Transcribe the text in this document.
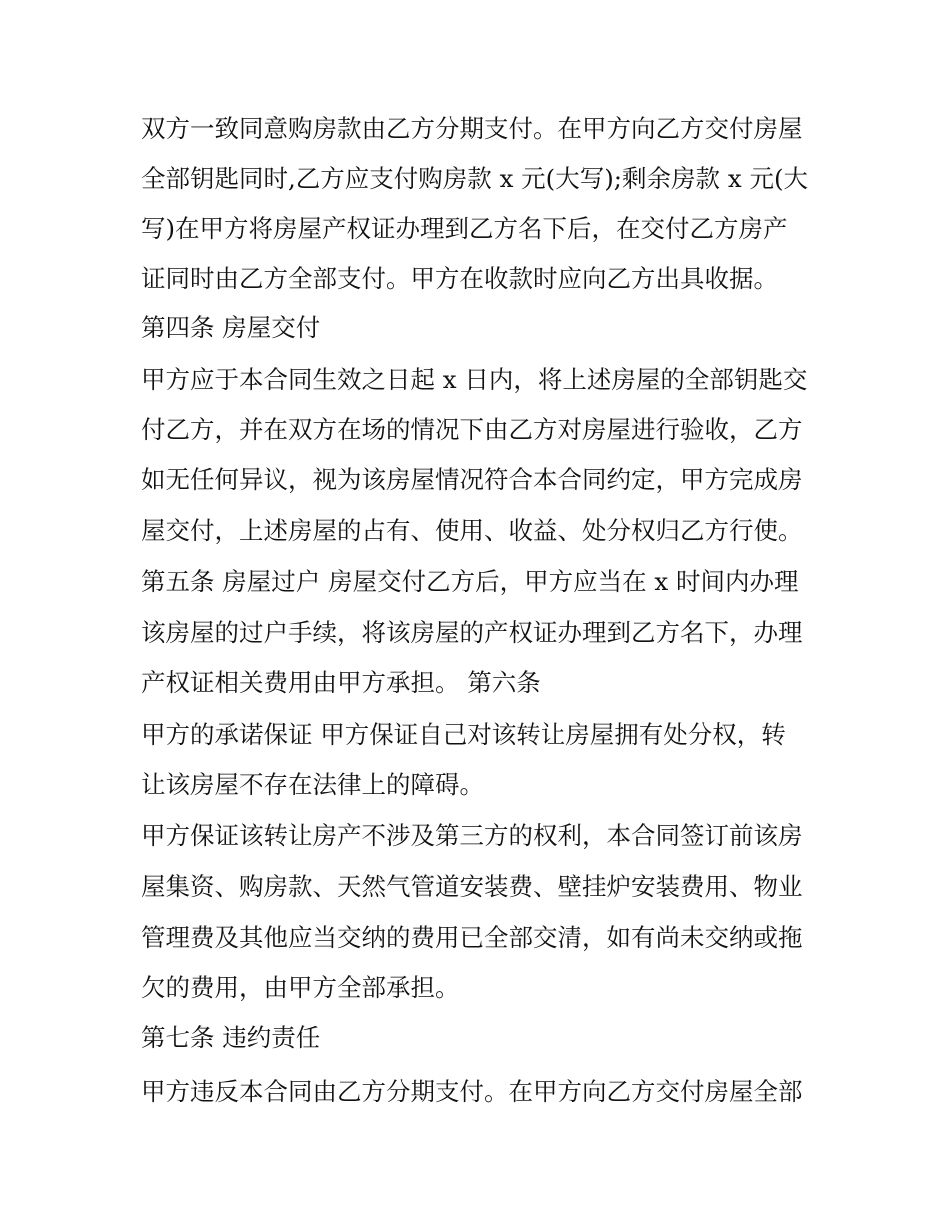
双方一致同意购房款由乙方分期支付。在甲方向乙方交付房屋
全部钥匙同时,乙方应支付购房款 x 元(大写);剩余房款 x 元(大
写)在甲方将房屋产权证办理到乙方名下后，在交付乙方房产
证同时由乙方全部支付。甲方在收款时应向乙方出具收据。
第四条 房屋交付
甲方应于本合同生效之日起 x 日内，将上述房屋的全部钥匙交
付乙方，并在双方在场的情况下由乙方对房屋进行验收，乙方
如无任何异议，视为该房屋情况符合本合同约定，甲方完成房
屋交付，上述房屋的占有、使用、收益、处分权归乙方行使。
第五条 房屋过户 房屋交付乙方后，甲方应当在 x 时间内办理
该房屋的过户手续，将该房屋的产权证办理到乙方名下，办理
产权证相关费用由甲方承担。 第六条
甲方的承诺保证 甲方保证自己对该转让房屋拥有处分权，转
让该房屋不存在法律上的障碍。
甲方保证该转让房产不涉及第三方的权利，本合同签订前该房
屋集资、购房款、天然气管道安装费、壁挂炉安装费用、物业
管理费及其他应当交纳的费用已全部交清，如有尚未交纳或拖
欠的费用，由甲方全部承担。
第七条 违约责任
甲方违反本合同由乙方分期支付。在甲方向乙方交付房屋全部
